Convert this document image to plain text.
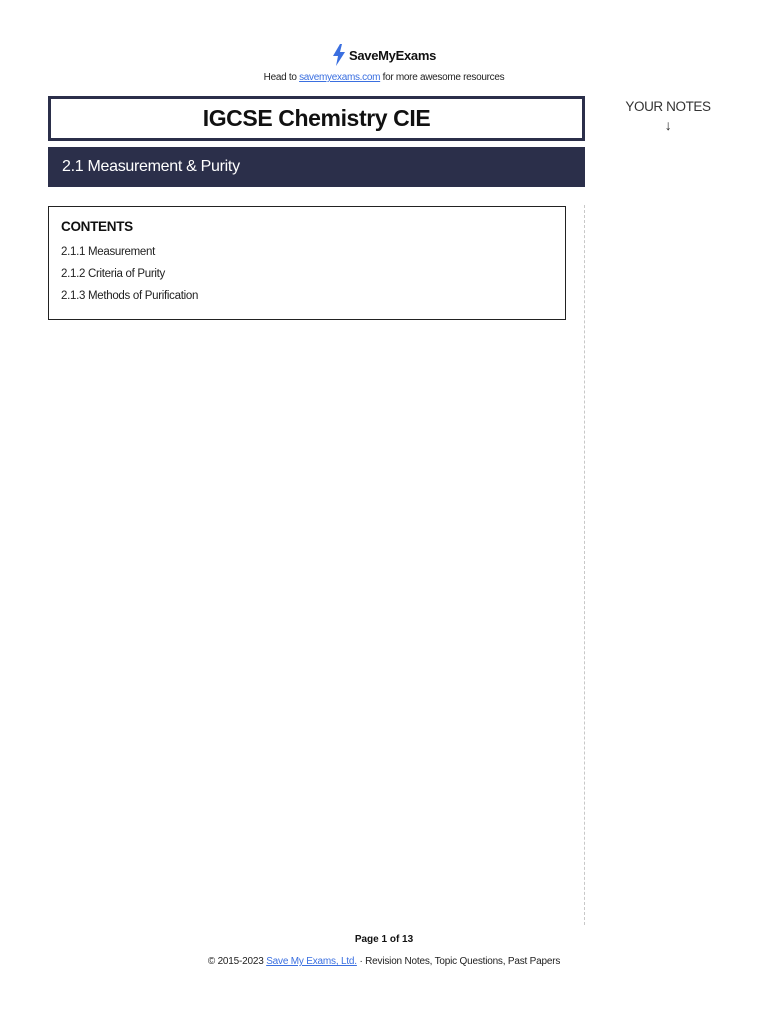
SaveMyExams
Head to savemyexams.com for more awesome resources
IGCSE Chemistry CIE	YOUR NOTES
↓
2.1 Measurement & Purity
CONTENTS
2.1.1 Measurement
2.1.2 Criteria of Purity
2.1.3 Methods of Purification
Page 1 of 13
© 2015-2023 Save My Exams, Ltd. · Revision Notes, Topic Questions, Past Papers
